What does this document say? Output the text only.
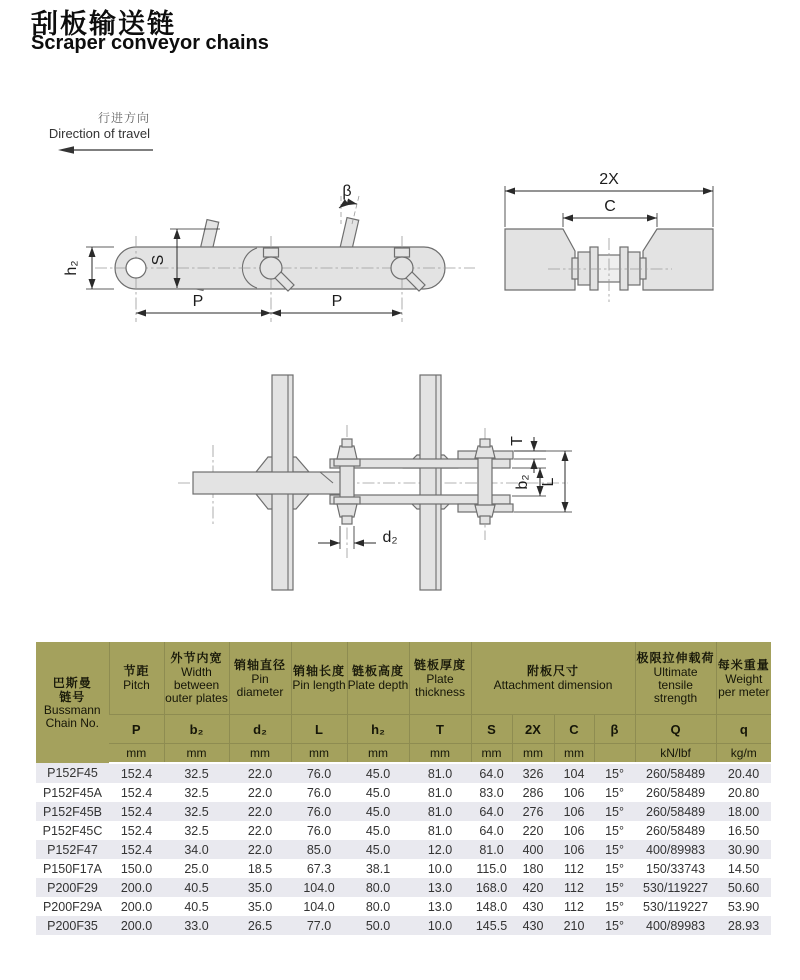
刮板输送链
Scraper conveyor chains
行进方向
Direction of travel
h₂
S
β
P	P
2X
C
T
b₂ L
d₂
巴斯曼
链号
Bussmann
Chain No.

节距
Pitch

外节内宽
Width between outer plates

销轴直径
Pin diameter

销轴长度
Pin length

链板高度
Plate depth

链板厚度
Plate thickness

附板尺寸
Attachment dimension

极限拉伸载荷
Ultimate tensile strength

每米重量
Weight per meter

	P	b₂	d₂	L	h₂	T	S	2X	C	β	Q	q
	mm	mm	mm	mm	mm	mm	mm	mm	mm		kN/lbf	kg/m
P152F45	152.4	32.5	22.0	76.0	45.0	81.0	64.0	326	104	15°	260/58489	20.40
P152F45A	152.4	32.5	22.0	76.0	45.0	81.0	83.0	286	106	15°	260/58489	20.80
P152F45B	152.4	32.5	22.0	76.0	45.0	81.0	64.0	276	106	15°	260/58489	18.00
P152F45C	152.4	32.5	22.0	76.0	45.0	81.0	64.0	220	106	15°	260/58489	16.50
P152F47	152.4	34.0	22.0	85.0	45.0	12.0	81.0	400	106	15°	400/89983	30.90
P150F17A	150.0	25.0	18.5	67.3	38.1	10.0	115.0	180	112	15°	150/33743	14.50
P200F29	200.0	40.5	35.0	104.0	80.0	13.0	168.0	420	112	15°	530/119227	50.60
P200F29A	200.0	40.5	35.0	104.0	80.0	13.0	148.0	430	112	15°	530/119227	53.90
P200F35	200.0	33.0	26.5	77.0	50.0	10.0	145.5	430	210	15°	400/89983	28.93
